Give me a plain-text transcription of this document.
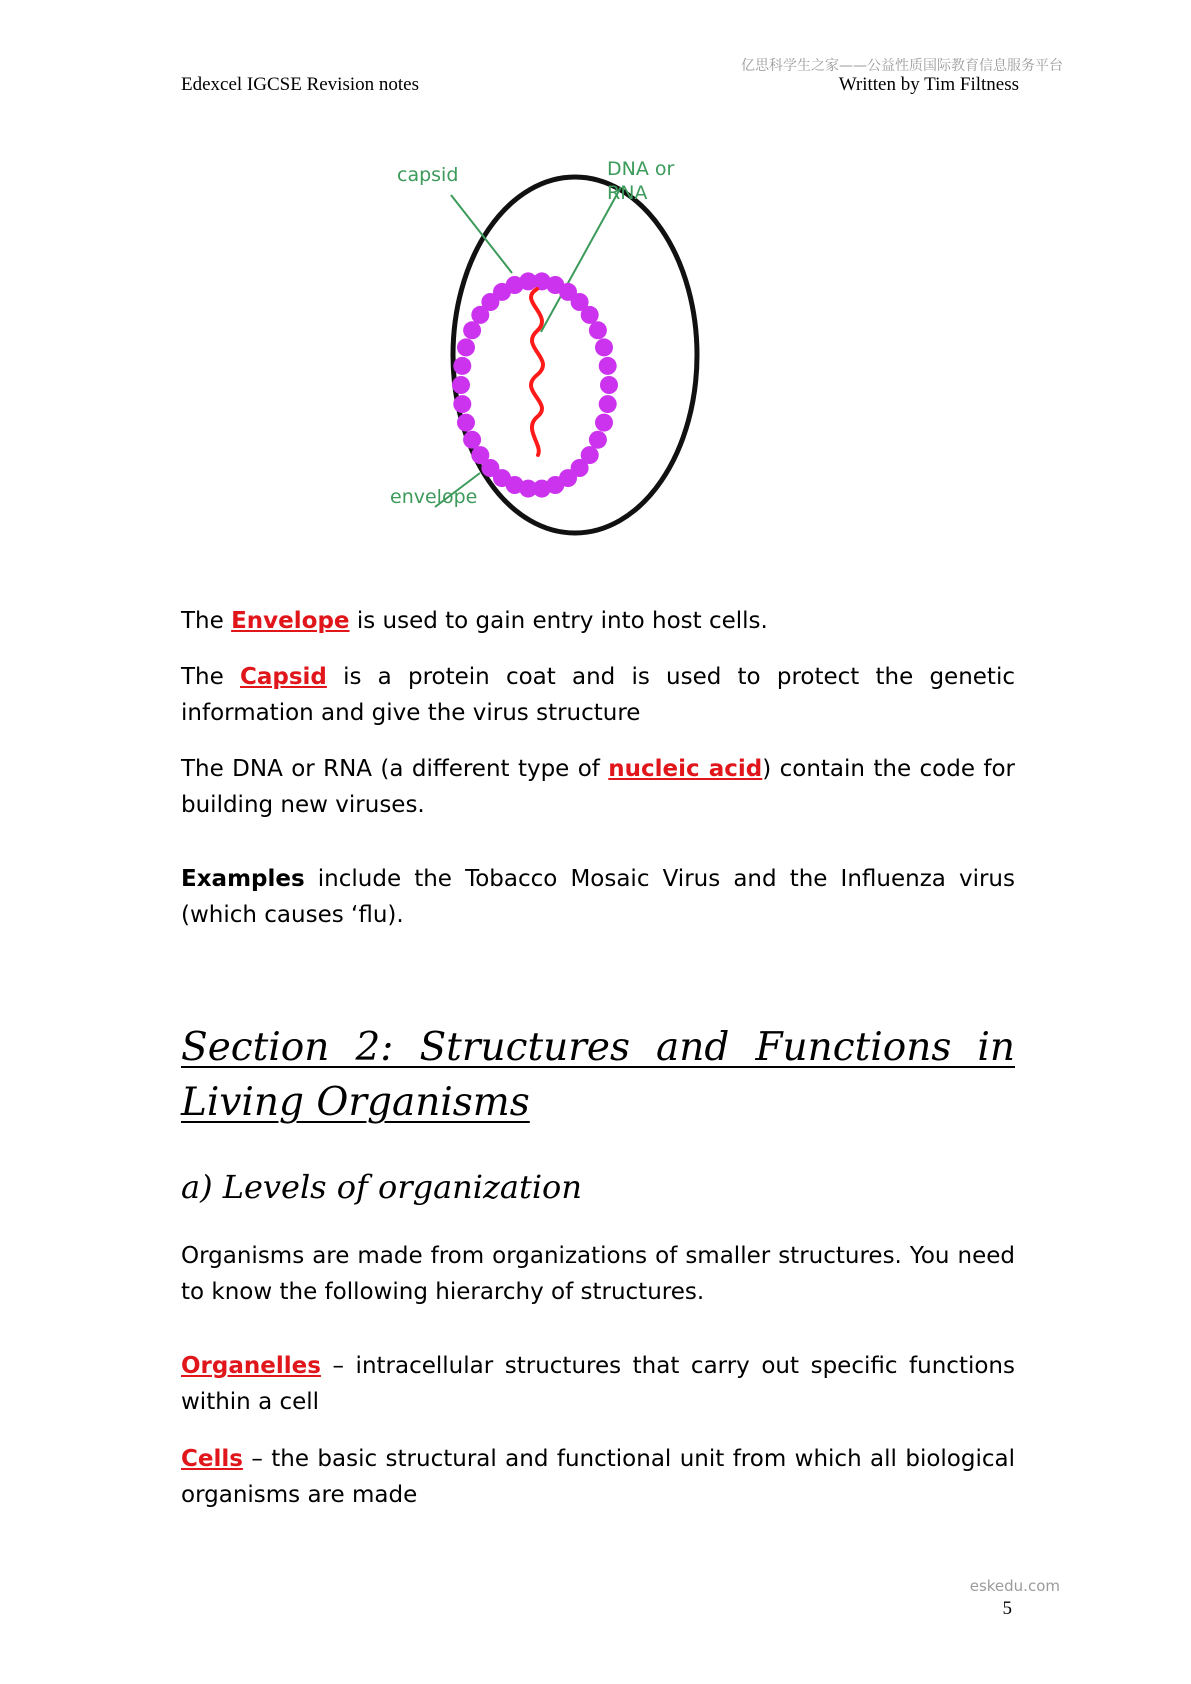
亿思科学生之家——公益性质国际教育信息服务平台
Edexcel IGCSE Revision notes	Written by Tim Filtness
capsid	DNA or
RNA
envelope
The Envelope is used to gain entry into host cells.
The Capsid is a protein coat and is used to protect the genetic information and give the virus structure
The DNA or RNA (a different type of nucleic acid) contain the code for building new viruses.
Examples include the Tobacco Mosaic Virus and the Influenza virus (which causes ‘flu).
Section 2: Structures and Functions in Living Organisms
a) Levels of organization
Organisms are made from organizations of smaller structures. You need to know the following hierarchy of structures.
Organelles – intracellular structures that carry out specific functions within a cell
Cells – the basic structural and functional unit from which all biological organisms are made
eskedu.com
5
